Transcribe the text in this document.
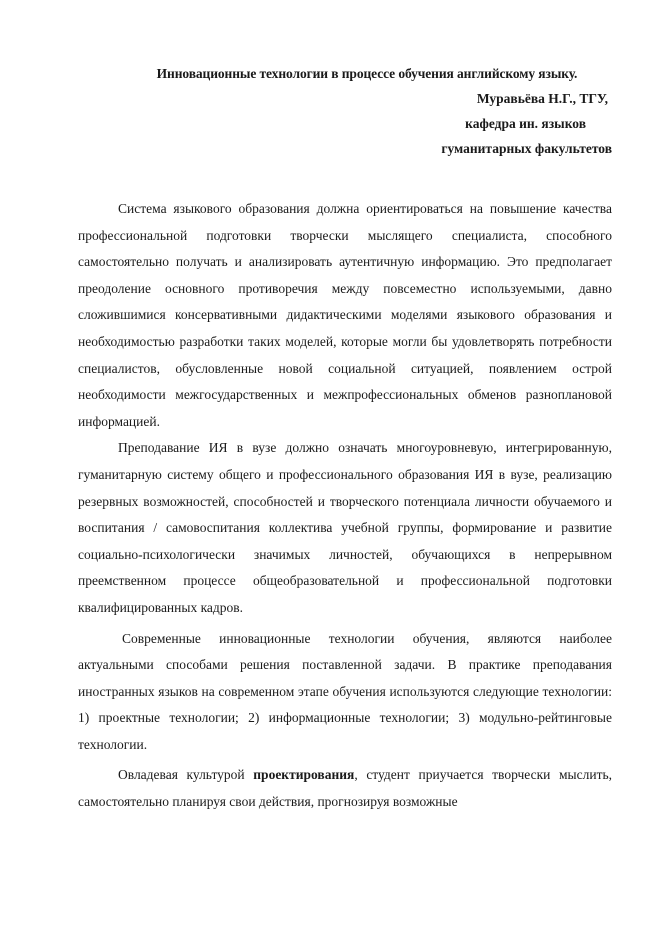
Инновационные технологии в процессе обучения английскому языку.

Муравьёва Н.Г., ТГУ,

кафедра ин. языков

гуманитарных факультетов

Система языкового образования должна ориентироваться на повышение качества профессиональной подготовки творчески мыслящего специалиста, способного самостоятельно получать и анализировать аутентичную информацию. Это предполагает преодоление основного противоречия между повсеместно используемыми, давно сложившимися консервативными дидактическими моделями языкового образования и необходимостью разработки таких моделей, которые могли бы удовлетворять потребности специалистов, обусловленные новой социальной ситуацией, появлением острой необходимости межгосударственных и межпрофессиональных обменов разноплановой информацией.

Преподавание ИЯ в вузе должно означать многоуровневую, интегрированную, гуманитарную систему общего и профессионального образования ИЯ в вузе, реализацию резервных возможностей, способностей и творческого потенциала личности обучаемого и воспитания / самовоспитания коллектива учебной группы, формирование и развитие социально-психологически значимых личностей, обучающихся в непрерывном преемственном процессе общеобразовательной и профессиональной подготовки квалифицированных кадров.

Современные инновационные технологии обучения, являются наиболее актуальными способами решения поставленной задачи. В практике преподавания иностранных языков на современном этапе обучения используются следующие технологии: 1) проектные технологии; 2) информационные технологии; 3) модульно-рейтинговые технологии.

Овладевая культурой проектирования, студент приучается творчески мыслить, самостоятельно планируя свои действия, прогнозируя возможные
